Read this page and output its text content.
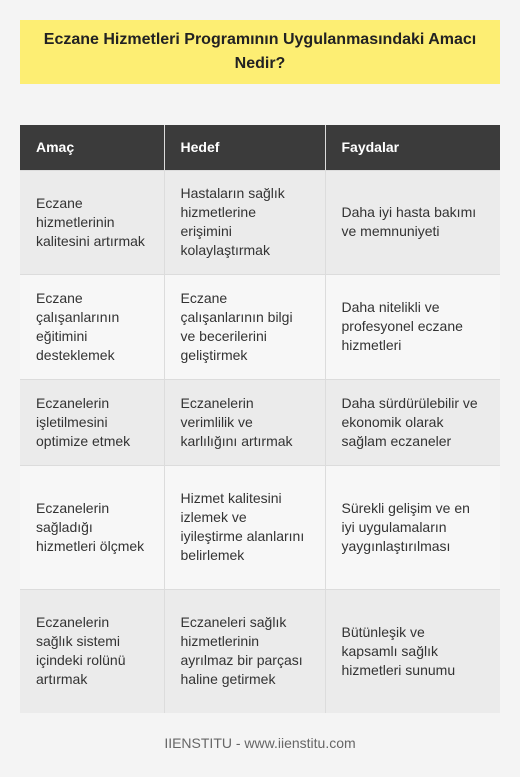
Eczane Hizmetleri Programının Uygulanmasındaki Amacı Nedir?
Amaç	Hedef	Faydalar
Eczane hizmetlerinin kalitesini artırmak	Hastaların sağlık hizmetlerine erişimini kolaylaştırmak	Daha iyi hasta bakımı ve memnuniyeti
Eczane çalışanlarının eğitimini desteklemek	Eczane çalışanlarının bilgi ve becerilerini geliştirmek	Daha nitelikli ve profesyonel eczane hizmetleri
Eczanelerin işletilmesini optimize etmek	Eczanelerin verimlilik ve karlılığını artırmak	Daha sürdürülebilir ve ekonomik olarak sağlam eczaneler
Eczanelerin sağladığı hizmetleri ölçmek	Hizmet kalitesini izlemek ve iyileştirme alanlarını belirlemek	Sürekli gelişim ve en iyi uygulamaların yaygınlaştırılması
Eczanelerin sağlık sistemi içindeki rolünü artırmak	Eczaneleri sağlık hizmetlerinin ayrılmaz bir parçası haline getirmek	Bütünleşik ve kapsamlı sağlık hizmetleri sunumu
IIENSTITU - www.iienstitu.com
